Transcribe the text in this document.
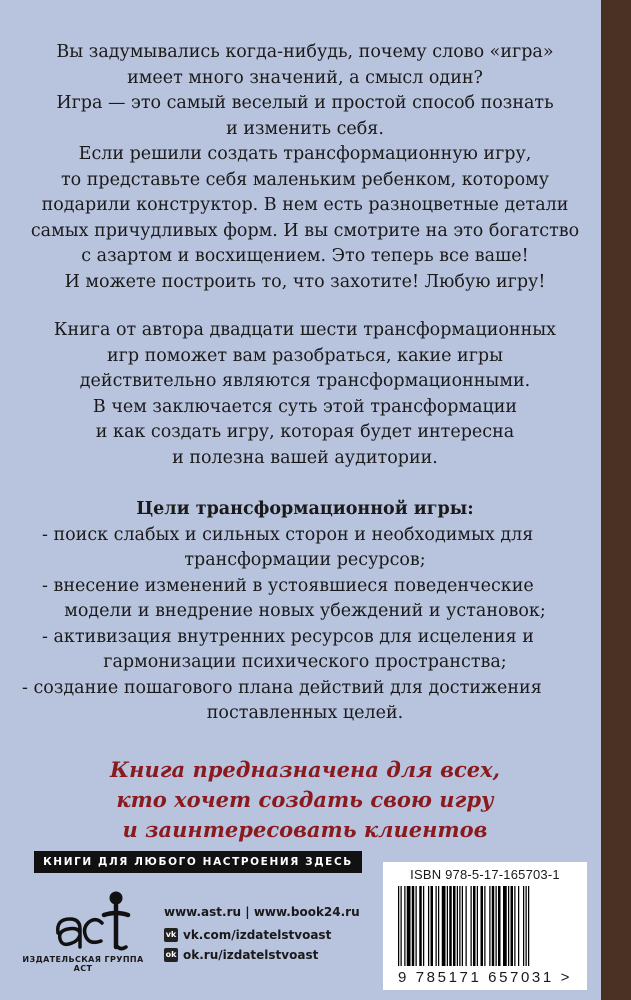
Вы задумывались когда-нибудь, почему слово «игра»
имеет много значений, а смысл один?
Игра — это самый веселый и простой способ познать
и изменить себя.
Если решили создать трансформационную игру,
то представьте себя маленьким ребенком, которому
подарили конструктор. В нем есть разноцветные детали
самых причудливых форм. И вы смотрите на это богатство
с азартом и восхищением. Это теперь все ваше!
И можете построить то, что захотите! Любую игру!
Книга от автора двадцати шести трансформационных
игр поможет вам разобраться, какие игры
действительно являются трансформационными.
В чем заключается суть этой трансформации
и как создать игру, которая будет интересна
и полезна вашей аудитории.
Цели трансформационной игры:
- поиск слабых и сильных сторон и необходимых для
трансформации ресурсов;
- внесение изменений в устоявшиеся поведенческие
модели и внедрение новых убеждений и установок;
- активизация внутренних ресурсов для исцеления и
гармонизации психического пространства;
- создание пошагового плана действий для достижения
поставленных целей.
Книга предназначена для всех,
кто хочет создать свою игру
и заинтересовать клиентов
КНИГИ ДЛЯ ЛЮБОГО НАСТРОЕНИЯ ЗДЕСЬ
ИЗДАТЕЛЬСКАЯ ГРУППА АСТ
www.ast.ru | www.book24.ru
vk vk.com/izdatelstvoast
ok ok.ru/izdatelstvoast
ISBN 978-5-17-165703-1
9 785171 657031 >
